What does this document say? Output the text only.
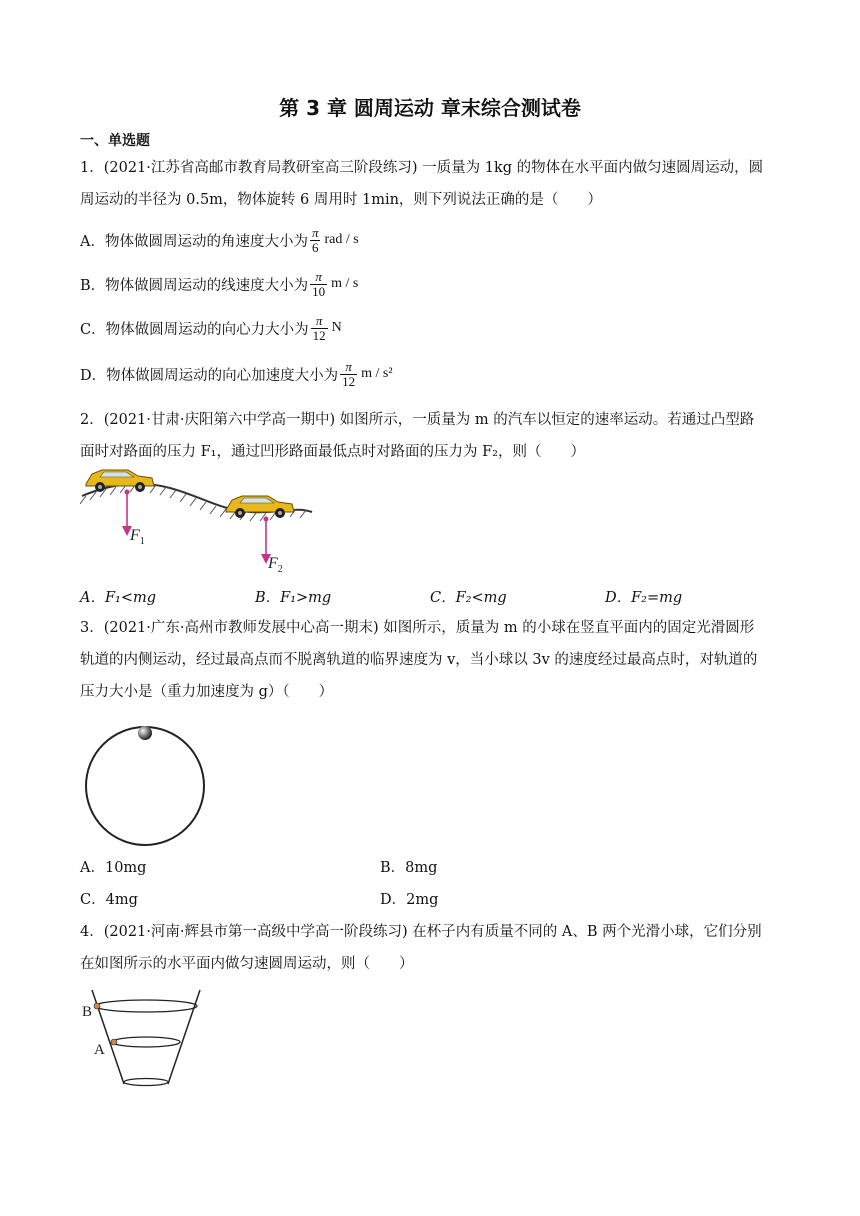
第 3 章 圆周运动 章末综合测试卷
一、单选题
1．(2021·江苏省高邮市教育局教研室高三阶段练习) 一质量为 1kg 的物体在水平面内做匀速圆周运动，圆
周运动的半径为 0.5m，物体旋转 6 周用时 1min，则下列说法正确的是（　　）
A．物体做圆周运动的角速度大小为 $\frac{\pi}{6}$ rad / s
B．物体做圆周运动的线速度大小为 $\frac{\pi}{10}$ m / s
C．物体做圆周运动的向心力大小为 $\frac{\pi}{12}$ N
D．物体做圆周运动的向心加速度大小为 $\frac{\pi}{12}$ m / s²
2．(2021·甘肃·庆阳第六中学高一期中) 如图所示，一质量为 m 的汽车以恒定的速率运动。若通过凸型路
面时对路面的压力 F₁，通过凹形路面最低点时对路面的压力为 F₂，则（　　）
$F_1$
$F_2$
A．F₁<mg	B．F₁>mg	C．F₂<mg	D．F₂=mg
3．(2021·广东·高州市教师发展中心高一期末) 如图所示，质量为 m 的小球在竖直平面内的固定光滑圆形
轨道的内侧运动，经过最高点而不脱离轨道的临界速度为 v，当小球以 3v 的速度经过最高点时，对轨道的
压力大小是（重力加速度为 g）（　　）
A．10mg	B．8mg
C．4mg	D．2mg
4．(2021·河南·辉县市第一高级中学高一阶段练习) 在杯子内有质量不同的 A、B 两个光滑小球，它们分别
在如图所示的水平面内做匀速圆周运动，则（　　）
B
A
